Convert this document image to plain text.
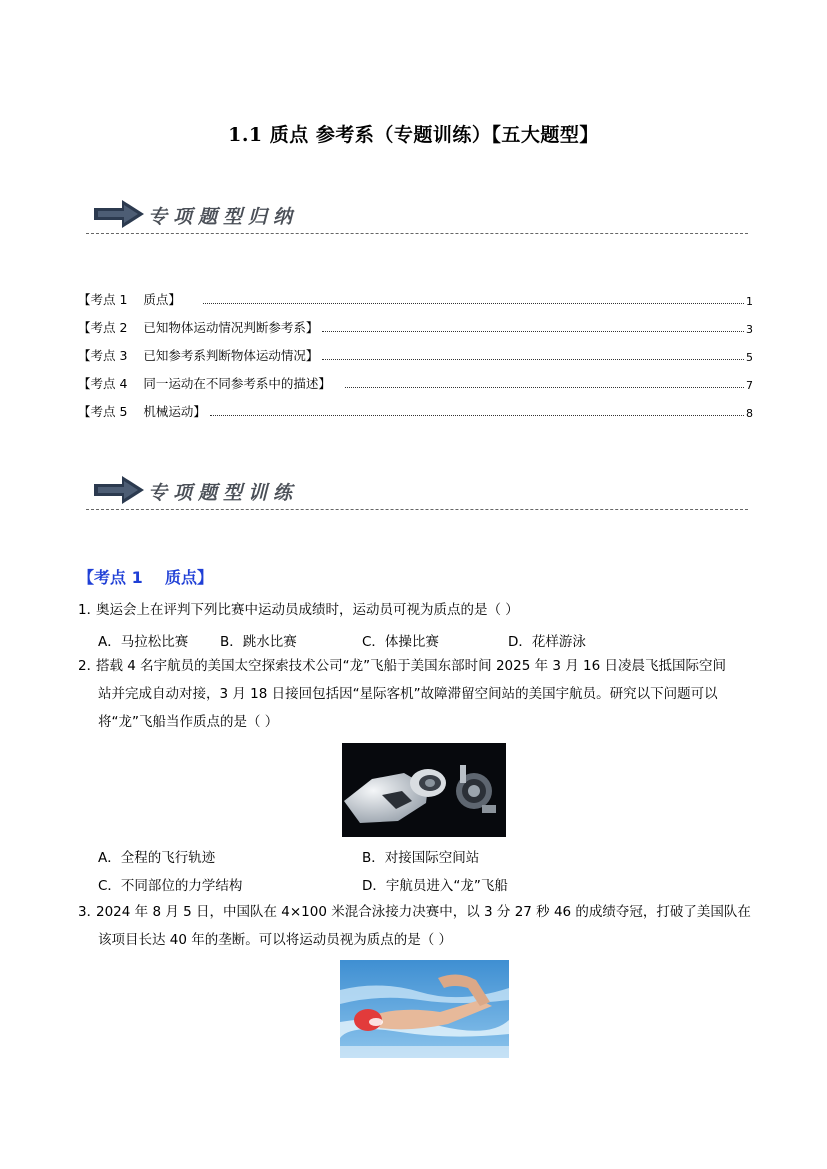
1.1 质点 参考系（专题训练）【五大题型】
专项题型归纳
【考点 1    质点】	1
【考点 2    已知物体运动情况判断参考系】	3
【考点 3    已知参考系判断物体运动情况】	5
【考点 4    同一运动在不同参考系中的描述】	7
【考点 5    机械运动】	8
专项题型训练
【考点 1    质点】
1．奥运会上在评判下列比赛中运动员成绩时，运动员可视为质点的是（ ）
A．马拉松比赛 B．跳水比赛	C．体操比赛	D．花样游泳
2．搭载 4 名宇航员的美国太空探索技术公司“龙”飞船于美国东部时间 2025 年 3 月 16 日凌晨飞抵国际空间
站并完成自动对接，3 月 18 日接回包括因“星际客机”故障滞留空间站的美国宇航员。研究以下问题可以
将“龙”飞船当作质点的是（ ）
A．全程的飞行轨迹	B．对接国际空间站
C．不同部位的力学结构	D．宇航员进入“龙”飞船
3．2024 年 8 月 5 日，中国队在 4×100 米混合泳接力决赛中，以 3 分 27 秒 46 的成绩夺冠，打破了美国队在
该项目长达 40 年的垄断。可以将运动员视为质点的是（ ）
